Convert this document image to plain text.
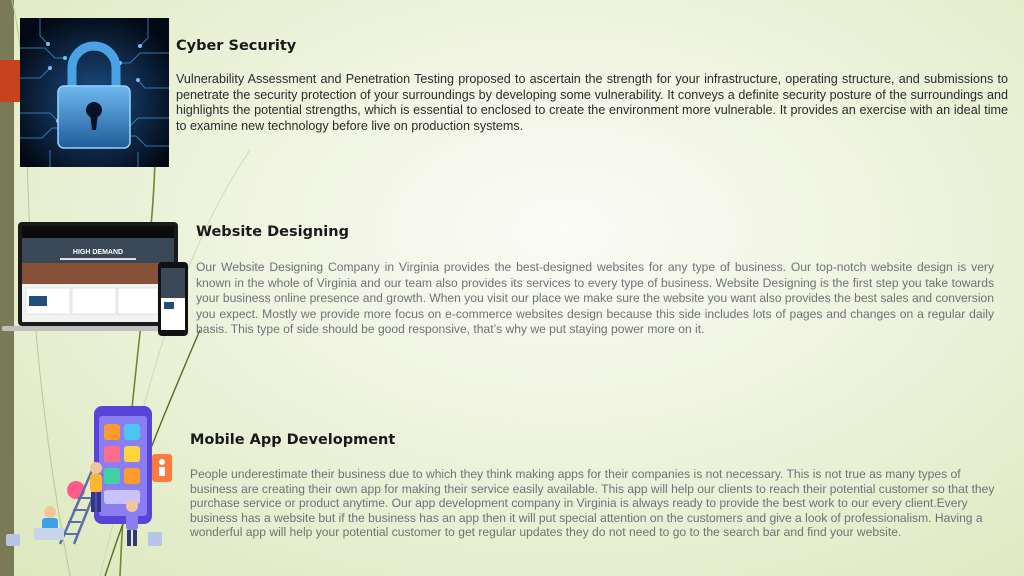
Cyber Security

Vulnerability Assessment and Penetration Testing proposed to ascertain the strength for your infrastructure, operating structure, and submissions to penetrate the security protection of your surroundings by developing some vulnerability. It conveys a definite security posture of the surroundings and highlights the potential strengths, which is essential to enclosed to create the environment more vulnerable. It provides an exercise with an ideal time to examine new technology before live on production systems.

HIGH DEMAND
Website Designing

Our Website Designing Company in Virginia provides the best-designed websites for any type of business. Our top-notch website design is very known in the whole of Virginia and our team also provides its services to every type of business. Website Designing is the first step you take towards your business online presence and growth. When you visit our place we make sure the website you want also provides the best sales and conversion you expect. Mostly we provide more focus on e-commerce websites design because this side includes lots of pages and changes on a regular daily basis. This type of side should be good responsive, that’s why we put staying power more on it.

Mobile App Development

People underestimate their business due to which they think making apps for their companies is not necessary. This is not true as many types of business are creating their own app for making their service easily available. This app will help our clients to reach their potential customer so that they purchase service or product anytime. Our app development company in Virginia is always ready to provide the best work to our every client.Every business has a website but if the business has an app then it will put special attention on the customers and give a look of professionalism. Having a wonderful app will help your potential customer to get regular updates they do not need to go to the search bar and find your website.
